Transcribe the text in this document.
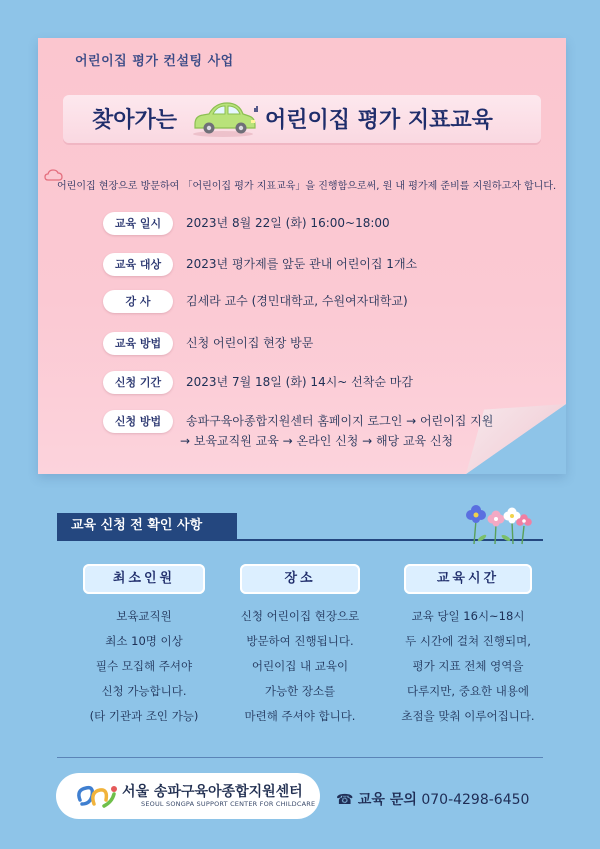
어린이집 평가 컨설팅 사업
찾아가는	어린이집 평가 지표교육
어린이집 현장으로 방문하여 「어린이집 평가 지표교육」을 진행함으로써, 원 내 평가제 준비를 지원하고자 합니다.
교육 일시	2023년 8월 22일 (화) 16:00~18:00
교육 대상	2023년 평가제를 앞둔 관내 어린이집 1개소
강 사	김세라 교수 (경민대학교, 수원여자대학교)
교육 방법	신청 어린이집 현장 방문
신청 기간	2023년 7월 18일 (화) 14시~ 선착순 마감
신청 방법	송파구육아종합지원센터 홈페이지 로그인 → 어린이집 지원
→ 보육교직원 교육 → 온라인 신청 → 해당 교육 신청
교육 신청 전 확인 사항
최소인원
보육교직원
최소 10명 이상
필수 모집해 주셔야
신청 가능합니다.
(타 기관과 조인 가능)
장소
신청 어린이집 현장으로
방문하여 진행됩니다.
어린이집 내 교육이
가능한 장소를
마련해 주셔야 합니다.
교육시간
교육 당일 16시~18시
두 시간에 걸쳐 진행되며,
평가 지표 전체 영역을
다루지만, 중요한 내용에
초점을 맞춰 이루어집니다.
서울 송파구육아종합지원센터
SEOUL SONGPA SUPPORT CENTER FOR CHILDCARE ☎ 교육 문의 070-4298-6450
